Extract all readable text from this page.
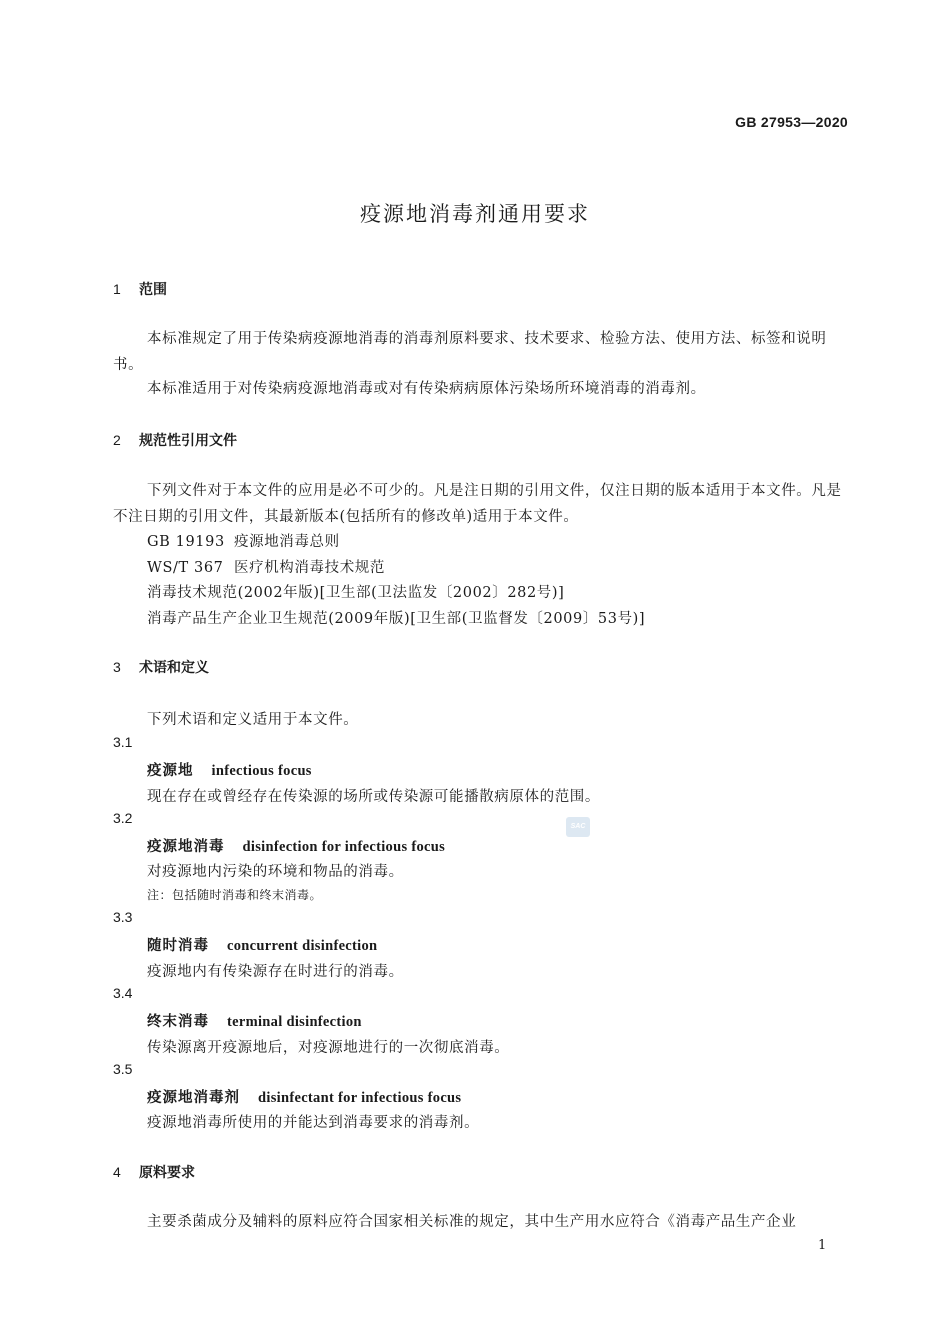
GB 27953—2020
疫源地消毒剂通用要求
1 范围
本标准规定了用于传染病疫源地消毒的消毒剂原料要求、技术要求、检验方法、使用方法、标签和说明书。
本标准适用于对传染病疫源地消毒或对有传染病病原体污染场所环境消毒的消毒剂。
2 规范性引用文件
下列文件对于本文件的应用是必不可少的。凡是注日期的引用文件，仅注日期的版本适用于本文件。凡是不注日期的引用文件，其最新版本(包括所有的修改单)适用于本文件。
GB 19193 疫源地消毒总则
WS/T 367 医疗机构消毒技术规范
消毒技术规范(2002年版)[卫生部(卫法监发〔2002〕282号)]
消毒产品生产企业卫生规范(2009年版)[卫生部(卫监督发〔2009〕53号)]
3 术语和定义
下列术语和定义适用于本文件。
3.1
疫源地 infectious focus
现在存在或曾经存在传染源的场所或传染源可能播散病原体的范围。
3.2
疫源地消毒 disinfection for infectious focus
对疫源地内污染的环境和物品的消毒。
注：包括随时消毒和终末消毒。
3.3
随时消毒 concurrent disinfection
疫源地内有传染源存在时进行的消毒。
3.4
终末消毒 terminal disinfection
传染源离开疫源地后，对疫源地进行的一次彻底消毒。
3.5
疫源地消毒剂 disinfectant for infectious focus
疫源地消毒所使用的并能达到消毒要求的消毒剂。
4 原料要求
主要杀菌成分及辅料的原料应符合国家相关标准的规定，其中生产用水应符合《消毒产品生产企业
SAC
1
